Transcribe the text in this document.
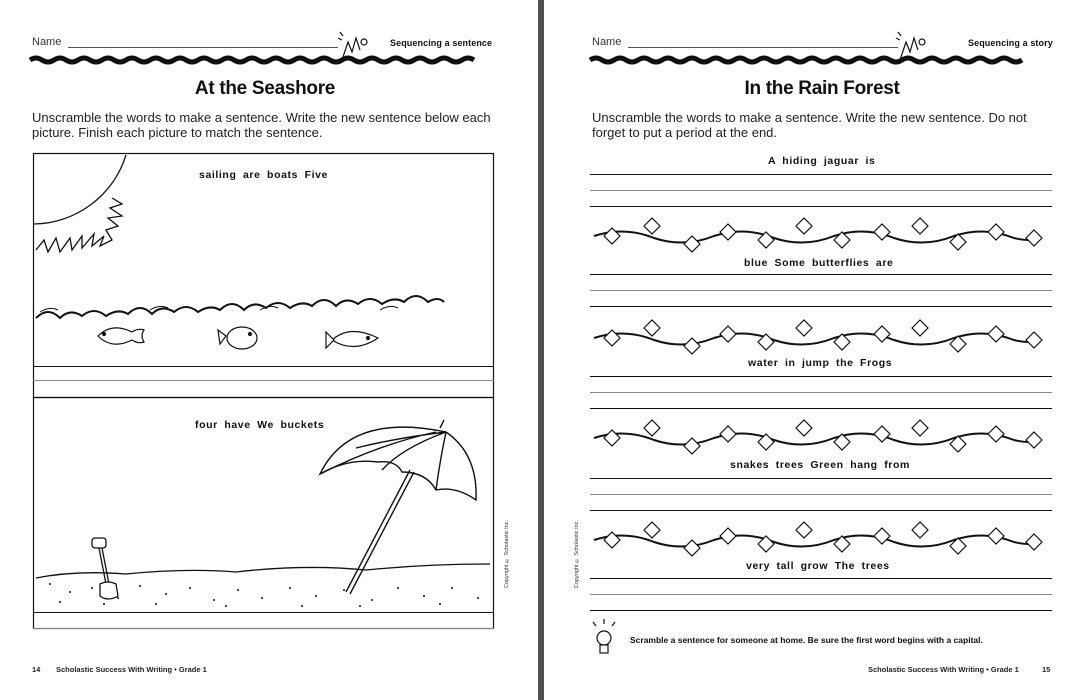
Name	Sequencing a sentence
At the Seashore
Unscramble the words to make a sentence. Write the new sentence below each picture. Finish each picture to match the sentence.
sailing are boats Five
four have We buckets
Copyright © Scholastic Inc.
14 Scholastic Success With Writing • Grade 1
Name	Sequencing a story
In the Rain Forest
Unscramble the words to make a sentence. Write the new sentence. Do not forget to put a period at the end.
A hiding jaguar is
blue Some butterflies are
water in jump the Frogs
snakes trees Green hang from
very tall grow The trees
Scramble a sentence for someone at home. Be sure the first word begins with a capital.
Copyright © Scholastic Inc.
Scholastic Success With Writing • Grade 1	15
